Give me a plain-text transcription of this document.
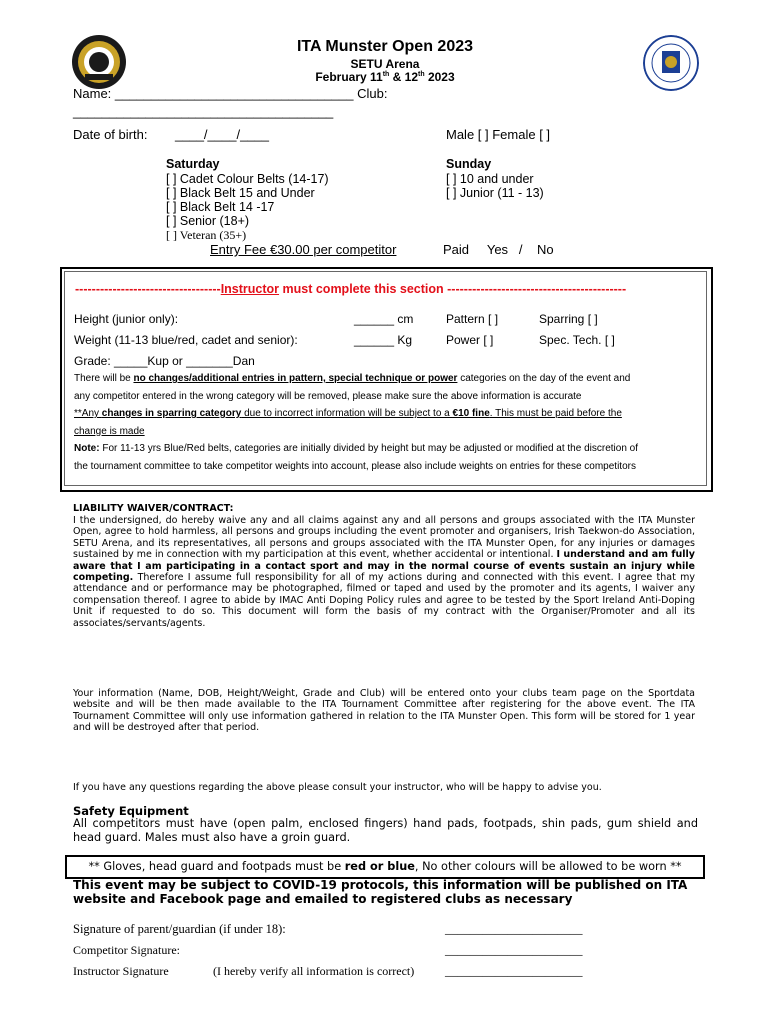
ITA Munster Open 2023
SETU Arena
February 11th & 12th 2023
Name: _________________________________ Club:
____________________________________
Date of birth: ____/____/____	Male [ ] Female [ ]
Saturday
[ ] Cadet Colour Belts (14-17)
[ ] Black Belt 15 and Under
[ ] Black Belt 14 -17
[ ] Senior (18+)
[ ] Veteran (35+)
Sunday
[ ] 10 and under
[ ] Junior (11 - 13)
Entry Fee €30.00 per competitor	Paid     Yes   /    No
-----------------------------------Instructor must complete this section -------------------------------------------
Height (junior only):	______ cm	Pattern [ ]	Sparring [ ]
Weight (11-13 blue/red, cadet and senior):	______ Kg	Power [ ]	Spec. Tech. [ ]
Grade: _____Kup or _______Dan
There will be no changes/additional entries in pattern, special technique or power categories on the day of the event and
any competitor entered in the wrong category will be removed, please make sure the above information is accurate
**Any changes in sparring category due to incorrect information will be subject to a €10 fine. This must be paid before the
change is made
Note: For 11-13 yrs Blue/Red belts, categories are initially divided by height but may be adjusted or modified at the discretion of
the tournament committee to take competitor weights into account, please also include weights on entries for these competitors
LIABILITY WAIVER/CONTRACT:
I the undersigned, do hereby waive any and all claims against any and all persons and groups associated with the ITA Munster Open, agree to hold harmless, all persons and groups including the event promoter and organisers, Irish Taekwon-do Association, SETU Arena, and its representatives, all persons and groups associated with the ITA Munster Open, for any injuries or damages sustained by me in connection with my participation at this event, whether accidental or intentional. I understand and am fully aware that I am participating in a contact sport and may in the normal course of events sustain an injury while competing. Therefore I assume full responsibility for all of my actions during and connected with this event. I agree that my attendance and or performance may be photographed, filmed or taped and used by the promoter and its agents, I waiver any compensation thereof. I agree to abide by IMAC Anti Doping Policy rules and agree to be tested by the Sport Ireland Anti-Doping Unit if requested to do so. This document will form the basis of my contract with the Organiser/Promoter and all its associates/servants/agents.
Your information (Name, DOB, Height/Weight, Grade and Club) will be entered onto your clubs team page on the Sportdata website and will be then made available to the ITA Tournament Committee after registering for the above event. The ITA Tournament Committee will only use information gathered in relation to the ITA Munster Open. This form will be stored for 1 year and will be destroyed after that period.
If you have any questions regarding the above please consult your instructor, who will be happy to advise you.
Safety Equipment
All competitors must have (open palm, enclosed fingers) hand pads, footpads, shin pads, gum shield and head guard. Males must also have a groin guard.
** Gloves, head guard and footpads must be red or blue, No other colours will be allowed to be worn **
This event may be subject to COVID-19 protocols, this information will be published on ITA website and Facebook page and emailed to registered clubs as necessary
Signature of parent/guardian (if under 18):	______________________
Competitor Signature:	______________________
Instructor Signature	(I hereby verify all information is correct) ______________________
